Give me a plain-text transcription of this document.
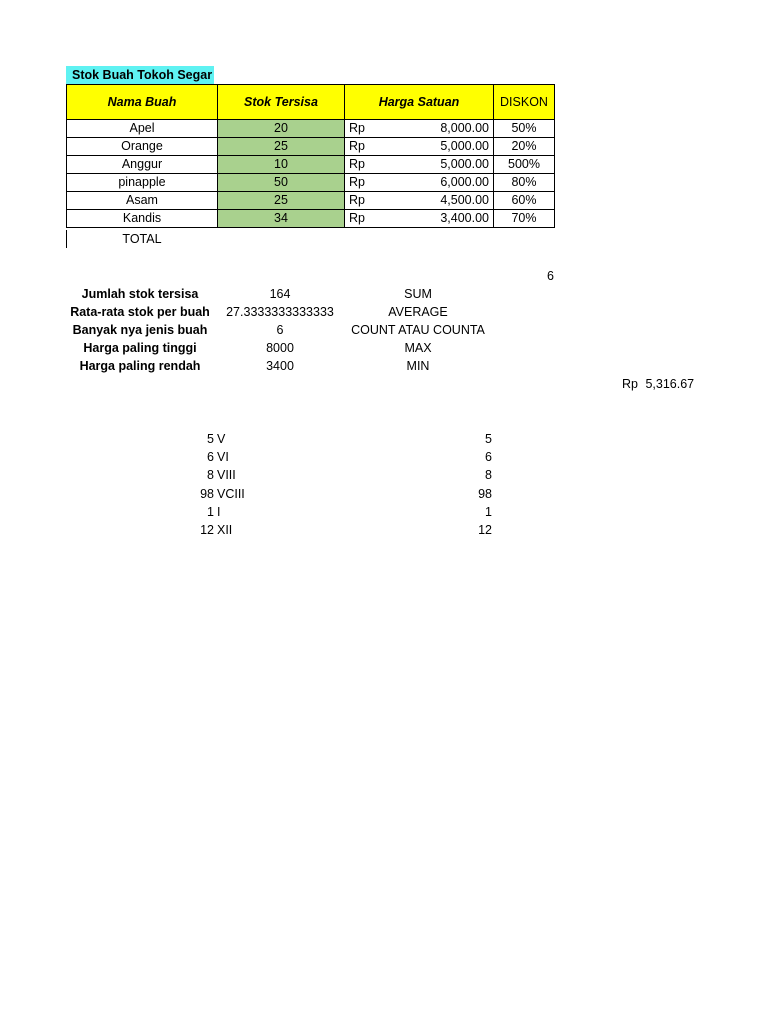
Stok Buah Tokoh Segar
Nama Buah	Stok Tersisa	Harga Satuan	DISKON
Apel	20	Rp 8,000.00	50%
Orange	25	Rp 5,000.00	20%
Anggur	10	Rp 5,000.00	500%
pinapple	50	Rp 6,000.00	80%
Asam	25	Rp 4,500.00	60%
Kandis	34	Rp 3,400.00	70%
TOTAL
6
Jumlah stok tersisa	164	SUM
Rata-rata stok per buah	27.3333333333333	AVERAGE
Banyak nya jenis buah	6	COUNT ATAU COUNTA
Harga paling tinggi	8000	MAX
Harga paling rendah	3400	MIN
Rp 5,316.67
5 V	5
6 VI	6
8 VIII	8
98 VCIII	98
1 I	1
12 XII	12
